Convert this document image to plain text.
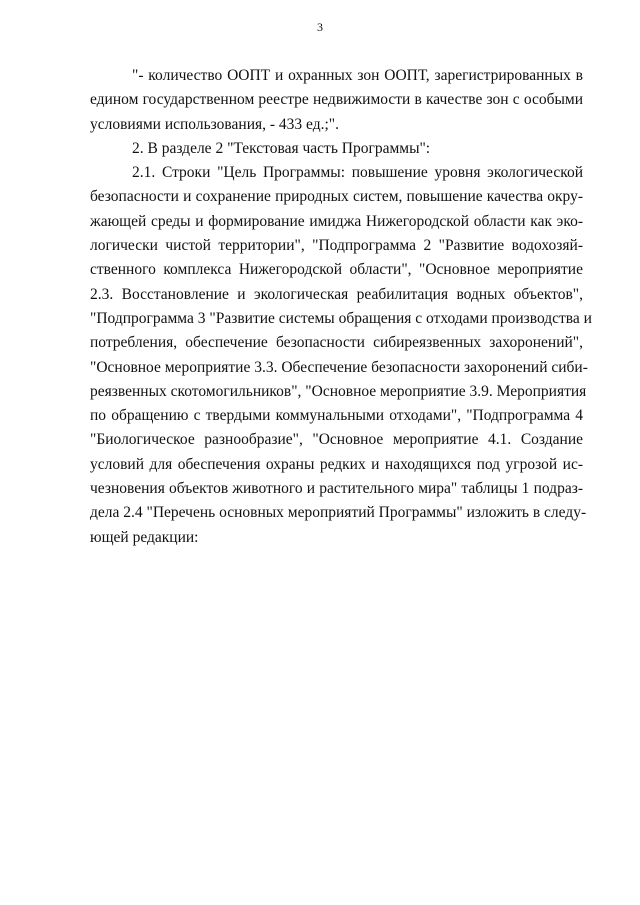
3
"- количество ООПТ и охранных зон ООПТ, зарегистрированных в
едином государственном реестре недвижимости в качестве зон с особыми
условиями использования, - 433 ед.;".
2. В разделе 2 "Текстовая часть Программы":
2.1. Строки "Цель Программы: повышение уровня экологической
безопасности и сохранение природных систем, повышение качества окру-
жающей среды и формирование имиджа Нижегородской области как эко-
логически чистой территории", "Подпрограмма 2 "Развитие водохозяй-
ственного комплекса Нижегородской области", "Основное мероприятие
2.3. Восстановление и экологическая реабилитация водных объектов",
"Подпрограмма 3 "Развитие системы обращения с отходами производства и
потребления, обеспечение безопасности сибиреязвенных захоронений",
"Основное мероприятие 3.3. Обеспечение безопасности захоронений сиби-
реязвенных скотомогильников", "Основное мероприятие 3.9. Мероприятия
по обращению с твердыми коммунальными отходами", "Подпрограмма 4
"Биологическое разнообразие", "Основное мероприятие 4.1. Создание
условий для обеспечения охраны редких и находящихся под угрозой ис-
чезновения объектов животного и растительного мира" таблицы 1 подраз-
дела 2.4 "Перечень основных мероприятий Программы" изложить в следу-
ющей редакции:
